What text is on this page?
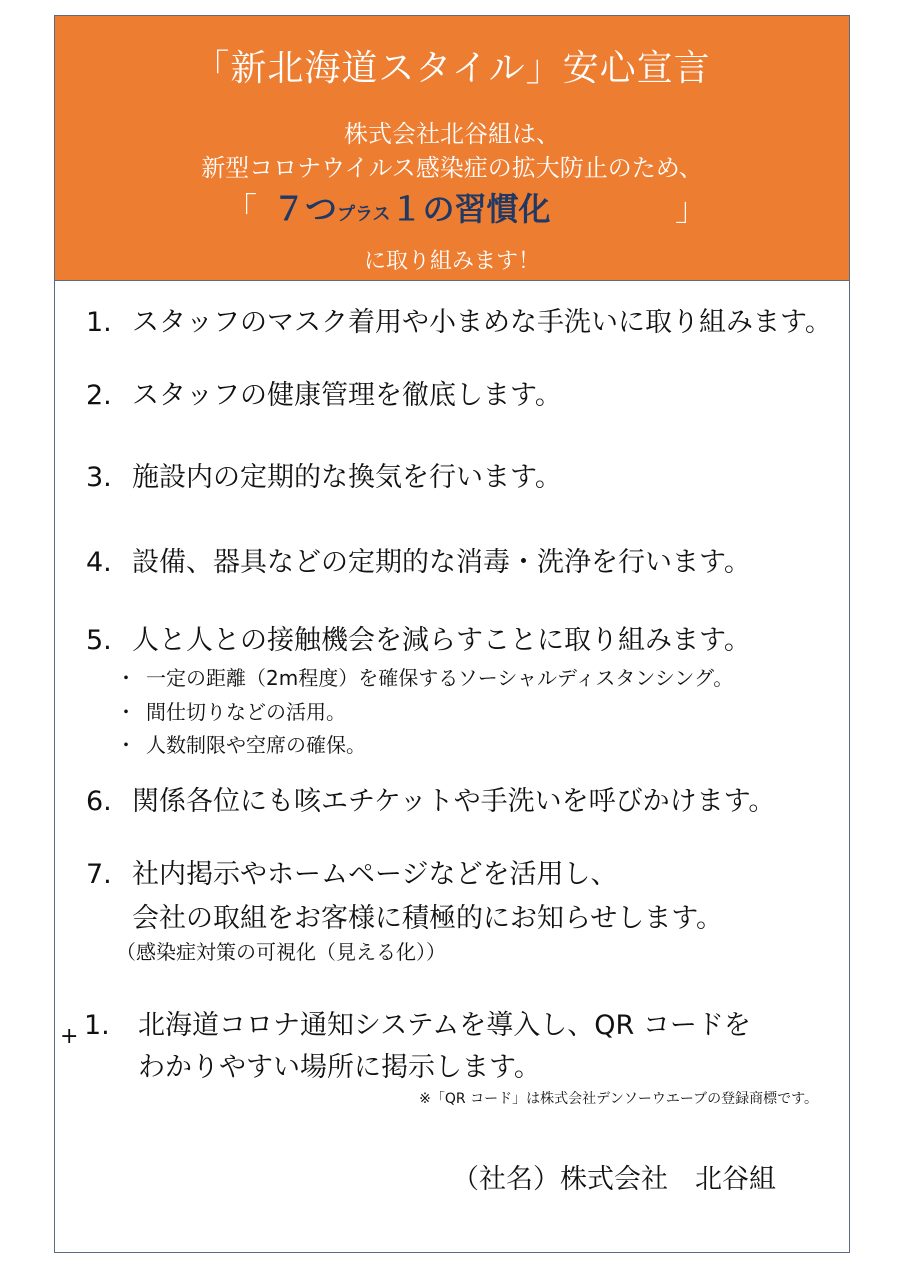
「新北海道スタイル」安心宣言
株式会社北谷組は、
新型コロナウイルス感染症の拡大防止のため、
「 ７つプラス１の習慣化	」
に取り組みます！
1. スタッフのマスク着用や小まめな手洗いに取り組みます。
2. スタッフの健康管理を徹底します。
3. 施設内の定期的な換気を行います。
4. 設備、器具などの定期的な消毒・洗浄を行います。
5. 人と人との接触機会を減らすことに取り組みます。
・ 一定の距離（2m程度）を確保するソーシャルディスタンシング。
・ 間仕切りなどの活用。
・ 人数制限や空席の確保。
6. 関係各位にも咳エチケットや手洗いを呼びかけます。
7. 社内掲示やホームページなどを活用し、
会社の取組をお客様に積極的にお知らせします。
（感染症対策の可視化（見える化））
+ 1. 北海道コロナ通知システムを導入し、QR コードを
わかりやすい場所に掲示します。
※「QR コード」は株式会社デンソーウエーブの登録商標です。
（社名）株式会社　北谷組
